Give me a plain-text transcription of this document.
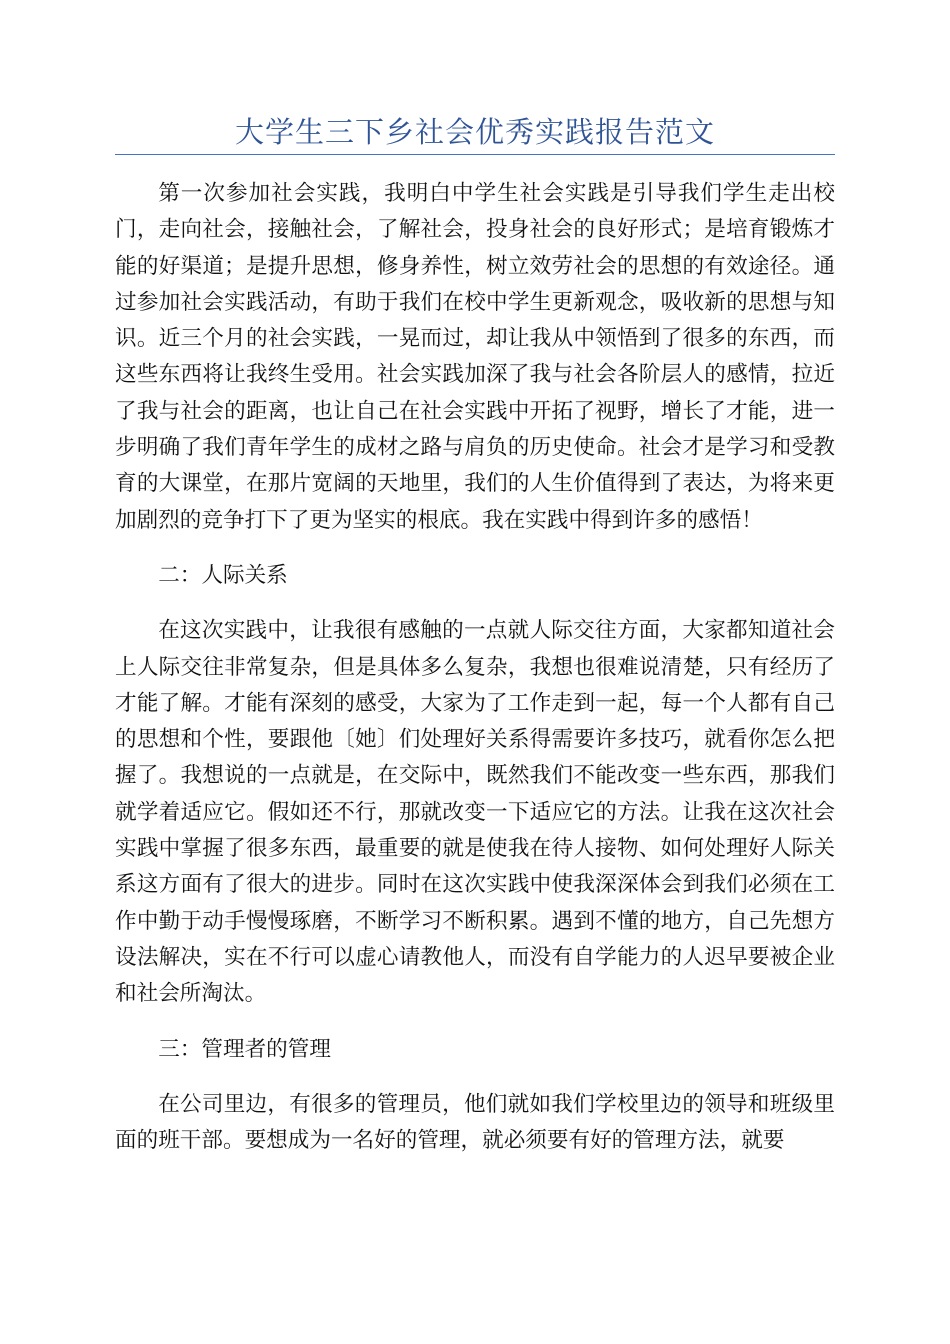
大学生三下乡社会优秀实践报告范文

第一次参加社会实践，我明白中学生社会实践是引导我们学生走出校门，走向社会，接触社会，了解社会，投身社会的良好形式；是培育锻炼才能的好渠道；是提升思想，修身养性，树立效劳社会的思想的有效途径。通过参加社会实践活动，有助于我们在校中学生更新观念，吸收新的思想与知识。近三个月的社会实践，一晃而过，却让我从中领悟到了很多的东西，而这些东西将让我终生受用。社会实践加深了我与社会各阶层人的感情，拉近了我与社会的距离，也让自己在社会实践中开拓了视野，增长了才能，进一步明确了我们青年学生的成材之路与肩负的历史使命。社会才是学习和受教育的大课堂，在那片宽阔的天地里，我们的人生价值得到了表达，为将来更加剧烈的竞争打下了更为坚实的根底。我在实践中得到许多的感悟！

二：人际关系

在这次实践中，让我很有感触的一点就人际交往方面，大家都知道社会上人际交往非常复杂，但是具体多么复杂，我想也很难说清楚，只有经历了才能了解。才能有深刻的感受，大家为了工作走到一起，每一个人都有自己的思想和个性，要跟他〔她〕们处理好关系得需要许多技巧，就看你怎么把握了。我想说的一点就是，在交际中，既然我们不能改变一些东西，那我们就学着适应它。假如还不行，那就改变一下适应它的方法。让我在这次社会实践中掌握了很多东西，最重要的就是使我在待人接物、如何处理好人际关系这方面有了很大的进步。同时在这次实践中使我深深体会到我们必须在工作中勤于动手慢慢琢磨，不断学习不断积累。遇到不懂的地方，自己先想方设法解决，实在不行可以虚心请教他人，而没有自学能力的人迟早要被企业和社会所淘汰。

三：管理者的管理

在公司里边，有很多的管理员，他们就如我们学校里边的领导和班级里面的班干部。要想成为一名好的管理，就必须要有好的管理方法，就要
